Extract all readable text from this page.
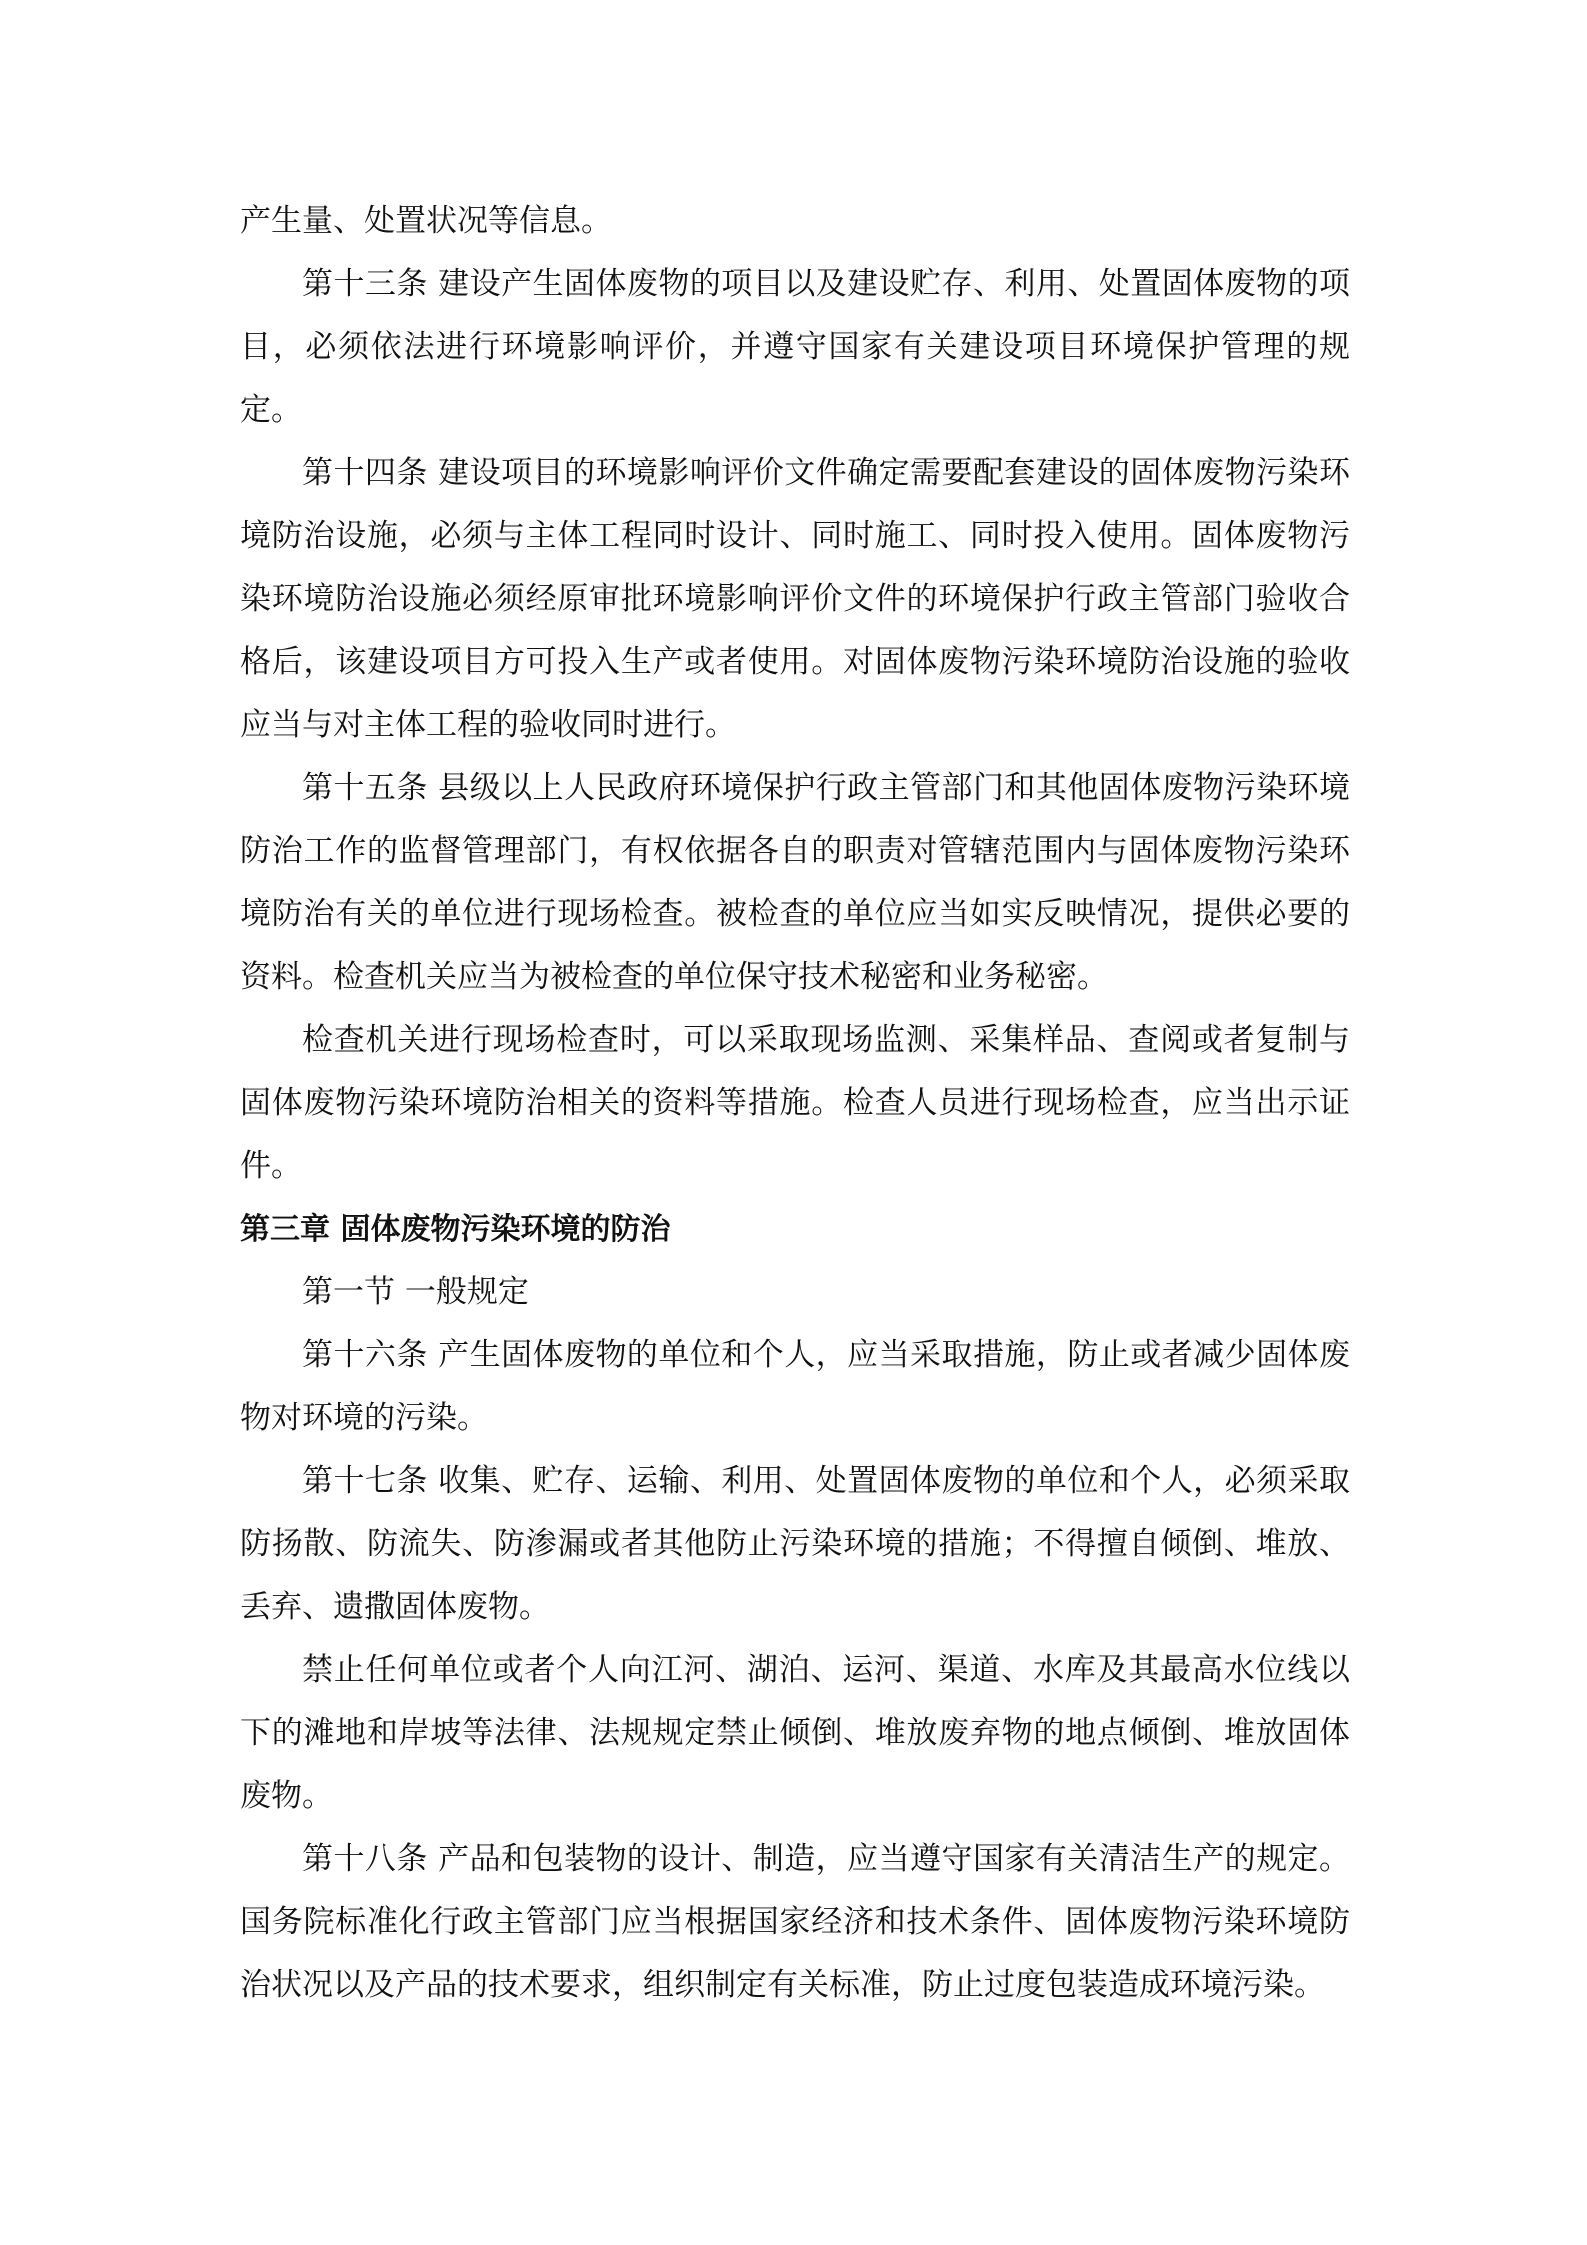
产生量、处置状况等信息。

第十三条 建设产生固体废物的项目以及建设贮存、利用、处置固体废物的项目，必须依法进行环境影响评价，并遵守国家有关建设项目环境保护管理的规定。

第十四条 建设项目的环境影响评价文件确定需要配套建设的固体废物污染环境防治设施，必须与主体工程同时设计、同时施工、同时投入使用。固体废物污染环境防治设施必须经原审批环境影响评价文件的环境保护行政主管部门验收合格后，该建设项目方可投入生产或者使用。对固体废物污染环境防治设施的验收应当与对主体工程的验收同时进行。

第十五条 县级以上人民政府环境保护行政主管部门和其他固体废物污染环境防治工作的监督管理部门，有权依据各自的职责对管辖范围内与固体废物污染环境防治有关的单位进行现场检查。被检查的单位应当如实反映情况，提供必要的资料。检查机关应当为被检查的单位保守技术秘密和业务秘密。

检查机关进行现场检查时，可以采取现场监测、采集样品、查阅或者复制与固体废物污染环境防治相关的资料等措施。检查人员进行现场检查，应当出示证件。

第三章 固体废物污染环境的防治

第一节 一般规定

第十六条 产生固体废物的单位和个人，应当采取措施，防止或者减少固体废物对环境的污染。

第十七条 收集、贮存、运输、利用、处置固体废物的单位和个人，必须采取防扬散、防流失、防渗漏或者其他防止污染环境的措施；不得擅自倾倒、堆放、丢弃、遗撒固体废物。

禁止任何单位或者个人向江河、湖泊、运河、渠道、水库及其最高水位线以下的滩地和岸坡等法律、法规规定禁止倾倒、堆放废弃物的地点倾倒、堆放固体废物。

第十八条 产品和包装物的设计、制造，应当遵守国家有关清洁生产的规定。国务院标准化行政主管部门应当根据国家经济和技术条件、固体废物污染环境防治状况以及产品的技术要求，组织制定有关标准，防止过度包装造成环境污染。
